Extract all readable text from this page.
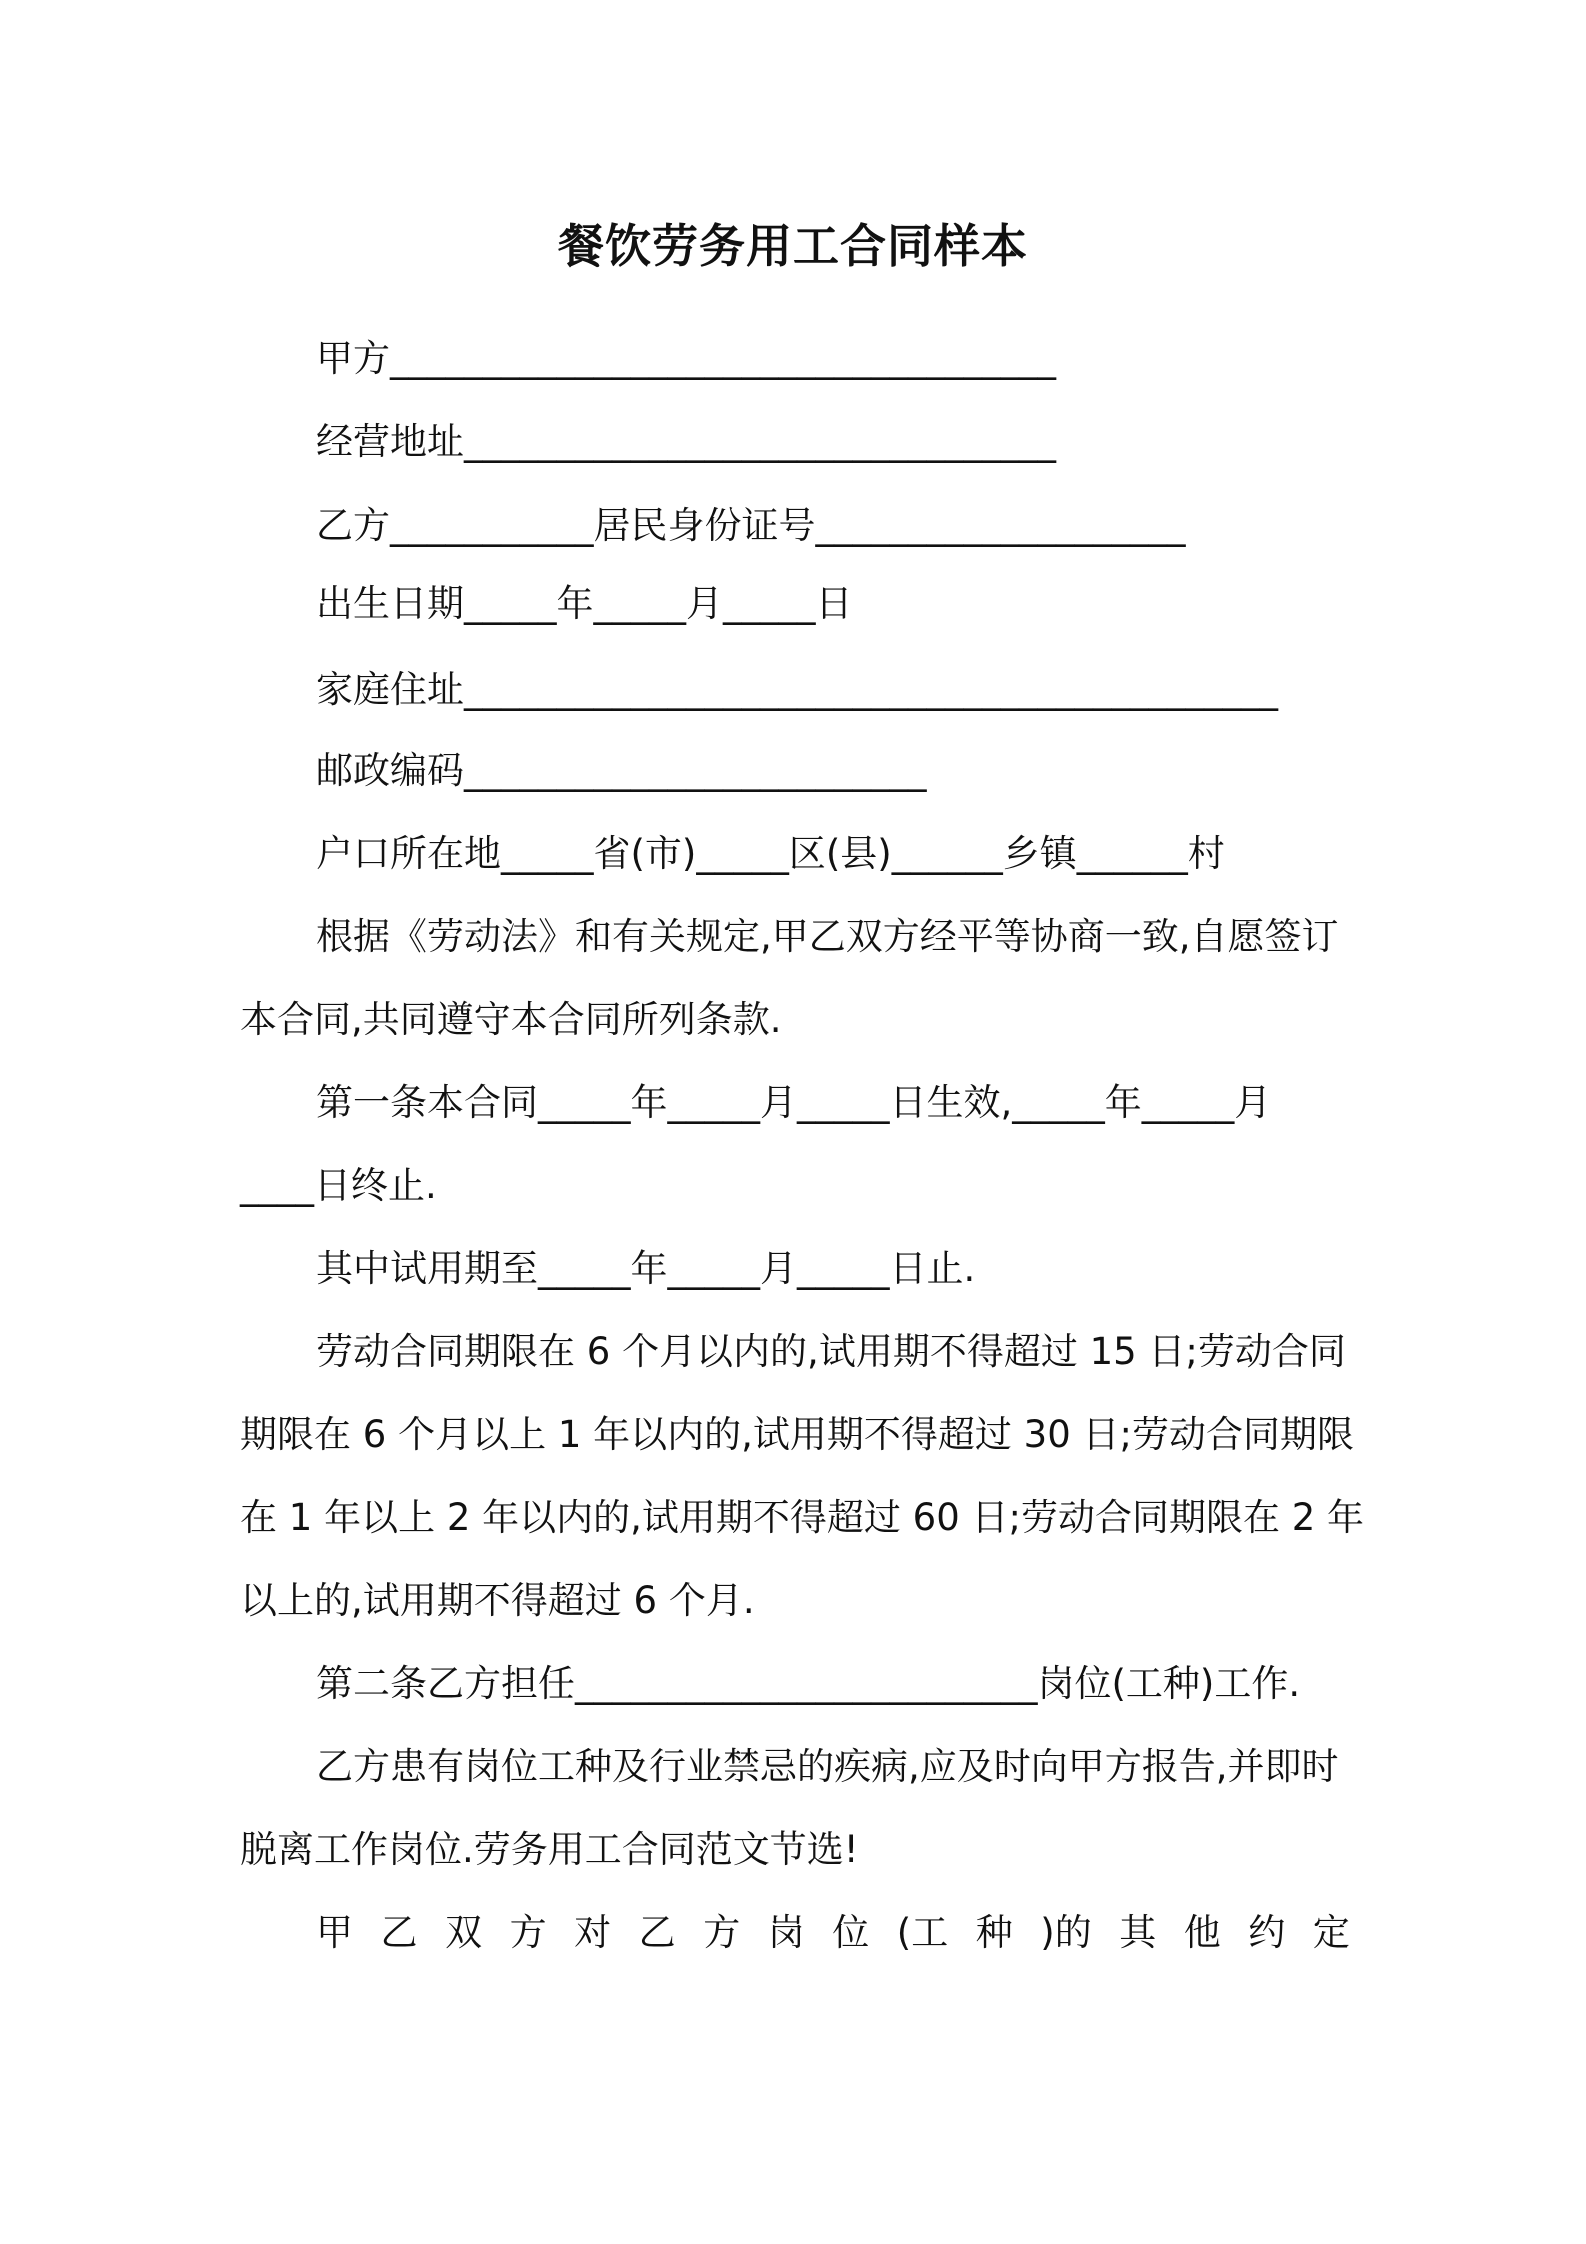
餐饮劳务用工合同样本
甲方____________________________________
经营地址________________________________
乙方___________居民身份证号____________________
出生日期_____年_____月_____日
家庭住址____________________________________________
邮政编码_________________________
户口所在地_____省(市)_____区(县)______乡镇______村
根据《劳动法》和有关规定,甲乙双方经平等协商一致,自愿签订
本合同,共同遵守本合同所列条款.
第一条本合同_____年_____月_____日生效,_____年_____月
____日终止.
其中试用期至_____年_____月_____日止.
劳动合同期限在 6 个月以内的,试用期不得超过 15 日;劳动合同
期限在 6 个月以上 1 年以内的,试用期不得超过 30 日;劳动合同期限
在 1 年以上 2 年以内的,试用期不得超过 60 日;劳动合同期限在 2 年
以上的,试用期不得超过 6 个月.
第二条乙方担任_________________________岗位(工种)工作.
乙方患有岗位工种及行业禁忌的疾病,应及时向甲方报告,并即时
脱离工作岗位.劳务用工合同范文节选!
甲 乙 双 方 对 乙 方 岗 位 (工 种 )的 其 他 约 定
